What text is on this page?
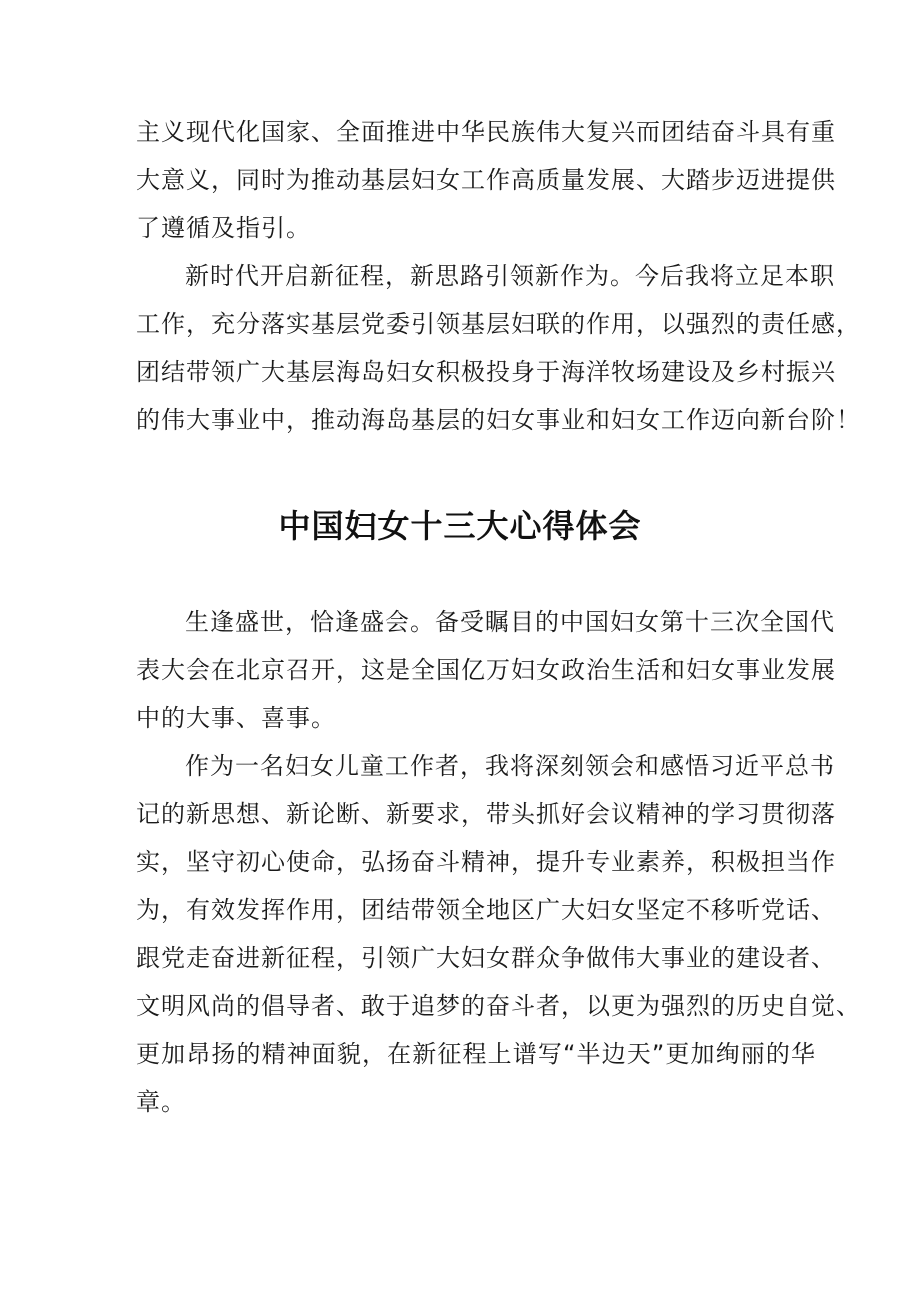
主义现代化国家、全面推进中华民族伟大复兴而团结奋斗具有重
大意义，同时为推动基层妇女工作高质量发展、大踏步迈进提供
了遵循及指引。
新时代开启新征程，新思路引领新作为。今后我将立足本职
工作，充分落实基层党委引领基层妇联的作用，以强烈的责任感，
团结带领广大基层海岛妇女积极投身于海洋牧场建设及乡村振兴
的伟大事业中，推动海岛基层的妇女事业和妇女工作迈向新台阶！
中国妇女十三大心得体会
生逢盛世，恰逢盛会。备受瞩目的中国妇女第十三次全国代
表大会在北京召开，这是全国亿万妇女政治生活和妇女事业发展
中的大事、喜事。
作为一名妇女儿童工作者，我将深刻领会和感悟习近平总书
记的新思想、新论断、新要求，带头抓好会议精神的学习贯彻落
实，坚守初心使命，弘扬奋斗精神，提升专业素养，积极担当作
为，有效发挥作用，团结带领全地区广大妇女坚定不移听党话、
跟党走奋进新征程，引领广大妇女群众争做伟大事业的建设者、
文明风尚的倡导者、敢于追梦的奋斗者，以更为强烈的历史自觉、
更加昂扬的精神面貌，在新征程上谱写“半边天”更加绚丽的华
章。
